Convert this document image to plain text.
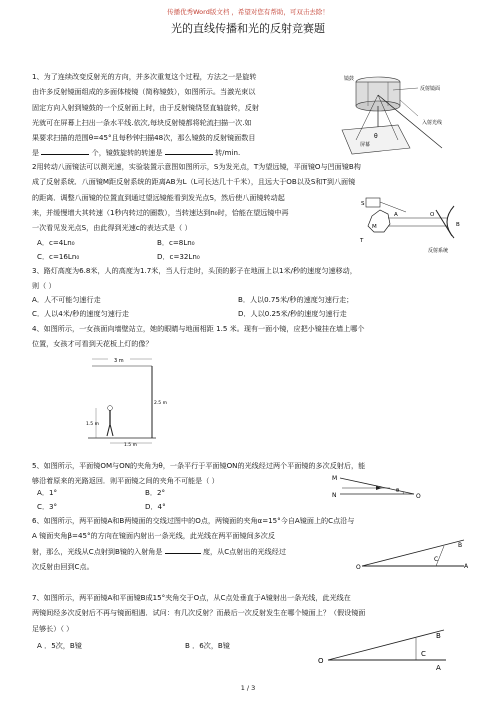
传播优秀Word版文档 ，希望对您有帮助，可双击去除！
光的直线传播和光的反射竞赛题
1、为了连续改变反射光的方向，并多次重复这个过程，方法之一是旋转
由许多反射镜面组成的多面体棱镜（简称镜鼓），如图所示。当激光束以
固定方向入射到镜鼓的一个反射面上时，由于反射镜绕竖直轴旋转，反射
光就可在屏幕上扫出一条水平线.依次,每块反射镜都将轮流扫描一次.如
果要求扫描的范围θ=45°且每秒钟扫描48次，那么镜鼓的反射镜面数目
是	个，镜鼓旋转的转速是	转/min.
镜鼓
反射镜面
入射光线
屏幕
θ
2用转动八面镜法可以测光速，实验装置示意图如图所示，S为发光点，T为望远镜，平面镜O与凹面镜B构
成了反射系统．八面镜M距反射系统的距离AB为L（L可长达几十千米），且远大于OB以及S和T到八面镜
的距离．调整八面镜的位置直到通过望远镜能看到发光点S，然后使八面镜转动起
来，并缓慢增大其转速（1秒内转过的圈数），当转速达到n₀时，恰能在望远镜中再
一次看见发光点S，由此得到光速c的表达式是（ ）
A．c=4Ln₀	B．c=8Ln₀
C．c=16Ln₀	D．c=32Ln₀
S
T
M
A	O
B
反射系统
3、路灯高度为6.8米，人的高度为1.7米，当人行走时，头顶的影子在地面上以1米/秒的速度匀速移动，
则（ ）
A．人不可能匀速行走	B．人以0.75米/秒的速度匀速行走；
C．人以4米/秒的速度匀速行走	D．人以0.25米/秒的速度匀速行走
4、如图所示，一女孩面向墙壁站立，她的眼睛与地面相距 1.5 米。现有一面小镜，应把小镜挂在墙上哪个
位置，女孩才可看到天花板上灯的像？
3 m
1.5 m
2.5 m
1.5 m
5、如图所示，平面镜OM与ON的夹角为θ，一条平行于平面镜ON的光线经过两个平面镜的多次反射后，能
够沿着原来的光路返回．则平面镜之间的夹角不可能是（ ）
A．1°	B．2°
C．3°	D．4°
M
N	O
θ
6、如图所示，两平面镜A和B两镜面的交线过图中的O点，两镜面的夹角α=15°今自A镜面上的C点沿与
A 镜面夹角β=45°的方向在镜面内射出一条光线，此光线在两平面镜间多次反
射，那么，光线从C点射到B镜的入射角是	度，从C点射出的光线经过
次反射由回到C点。
B
A
C
O
7、如图所示，两平面镜A和平面镜B成15°夹角交于O点，从C点处垂直于A镜射出一条光线，此光线在
两镜间经多次反射后不再与镜面相遇．试问：有几次反射？而最后一次反射发生在哪个镜面上？（假设镜面
足够长）（ ）
A ．5次，B镜	B ．6次，B镜
B
C
O
A
1 / 3
